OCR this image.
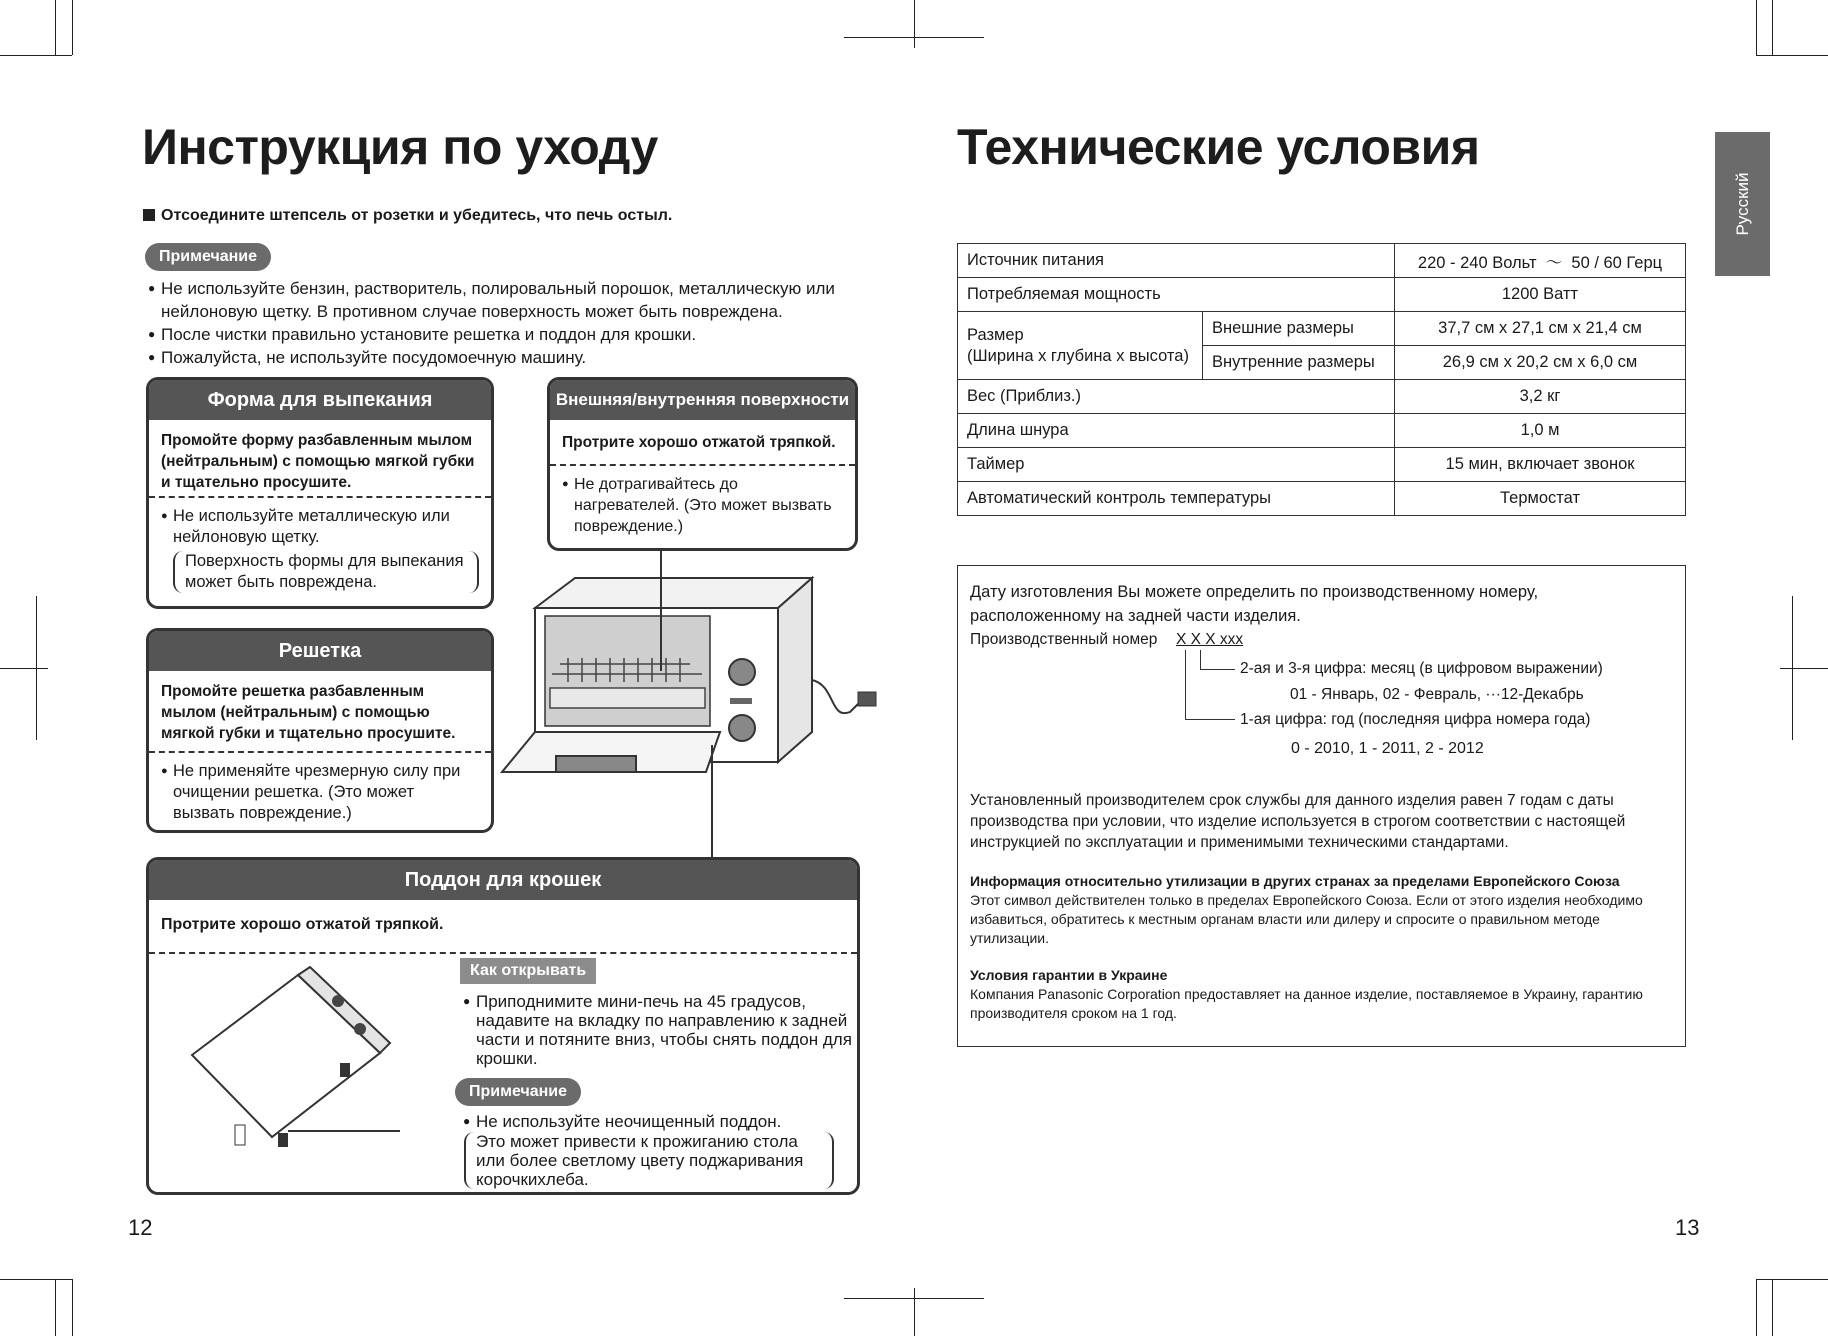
Инструкция по уходу
Отсоедините штепсель от розетки и убедитесь, что печь остыл.
Примечание
● Не используйте бензин, растворитель, полировальный порошок, металлическую или нейлоновую щетку. В противном случае поверхность может быть повреждена.
● После чистки правильно установите решетка и поддон для крошки.
● Пожалуйста, не используйте посудомоечную машину.
Форма для выпекания
Промойте форму разбавленным мылом (нейтральным) с помощью мягкой губки и тщательно просушите.
● Не используйте металлическую или нейлоновую щетку.
Поверхность формы для выпекания может быть повреждена.
Внешняя/внутренняя поверхности
Протрите хорошо отжатой тряпкой.
● Не дотрагивайтесь до нагревателей. (Это может вызвать повреждение.)
Решетка
Промойте решетка разбавленным мылом (нейтральным) с помощью мягкой губки и тщательно просушите.
● Не применяйте чрезмерную силу при очищении решетка. (Это может вызвать повреждение.)
Поддон для крошек
Протрите хорошо отжатой тряпкой.
Как открывать
● Приподнимите мини-печь на 45 градусов, надавите на вкладку по направлению к задней части и потяните вниз, чтобы снять поддон для крошки.
Примечание
● Не используйте неочищенный поддон.
Это может привести к прожиганию стола или более светлому цвету поджаривания корочкихлеба.
12
Технические условия
Русский
Источник питания		220 - 240 Вольт 〜 50 / 60 Герц
Потребляемая мощность		1200 Ватт

Размер
(Ширина x глубина x высота)	Внешние размеры	37,7 см x 27,1 см x 21,4 см
	Внутренние размеры	26,9 см x 20,2 см x 6,0 см
Вес (Приблиз.)		3,2 кг
Длина шнура		1,0 м
Таймер		15 мин, включает звонок
Автоматический контроль температуры		Термостат
Дату изготовления Вы можете определить по производственному номеру,
расположенному на задней части изделия.
Производственный номер X X X xxx
2-ая и 3-я цифра: месяц (в цифровом выражении)
01 - Январь, 02 - Февраль, ···12-Декабрь
1-ая цифра: год (последняя цифра номера года)
0 - 2010, 1 - 2011, 2 - 2012
Установленный производителем срок службы для данного изделия равен 7 годам с даты производства при условии, что изделие используется в строгом соответствии с настоящей инструкцией по эксплуатации и применимыми техническими стандартами.
Информация относительно утилизации в других странах за пределами Европейского Союза
Этот символ действителен только в пределах Европейского Союза. Если от этого изделия необходимо избавиться, обратитесь к местным органам власти или дилеру и спросите о правильном методе утилизации.
Условия гарантии в Украине
Компания Panasonic Corporation предоставляет на данное изделие, поставляемое в Украину, гарантию производителя сроком на 1 год.
13
